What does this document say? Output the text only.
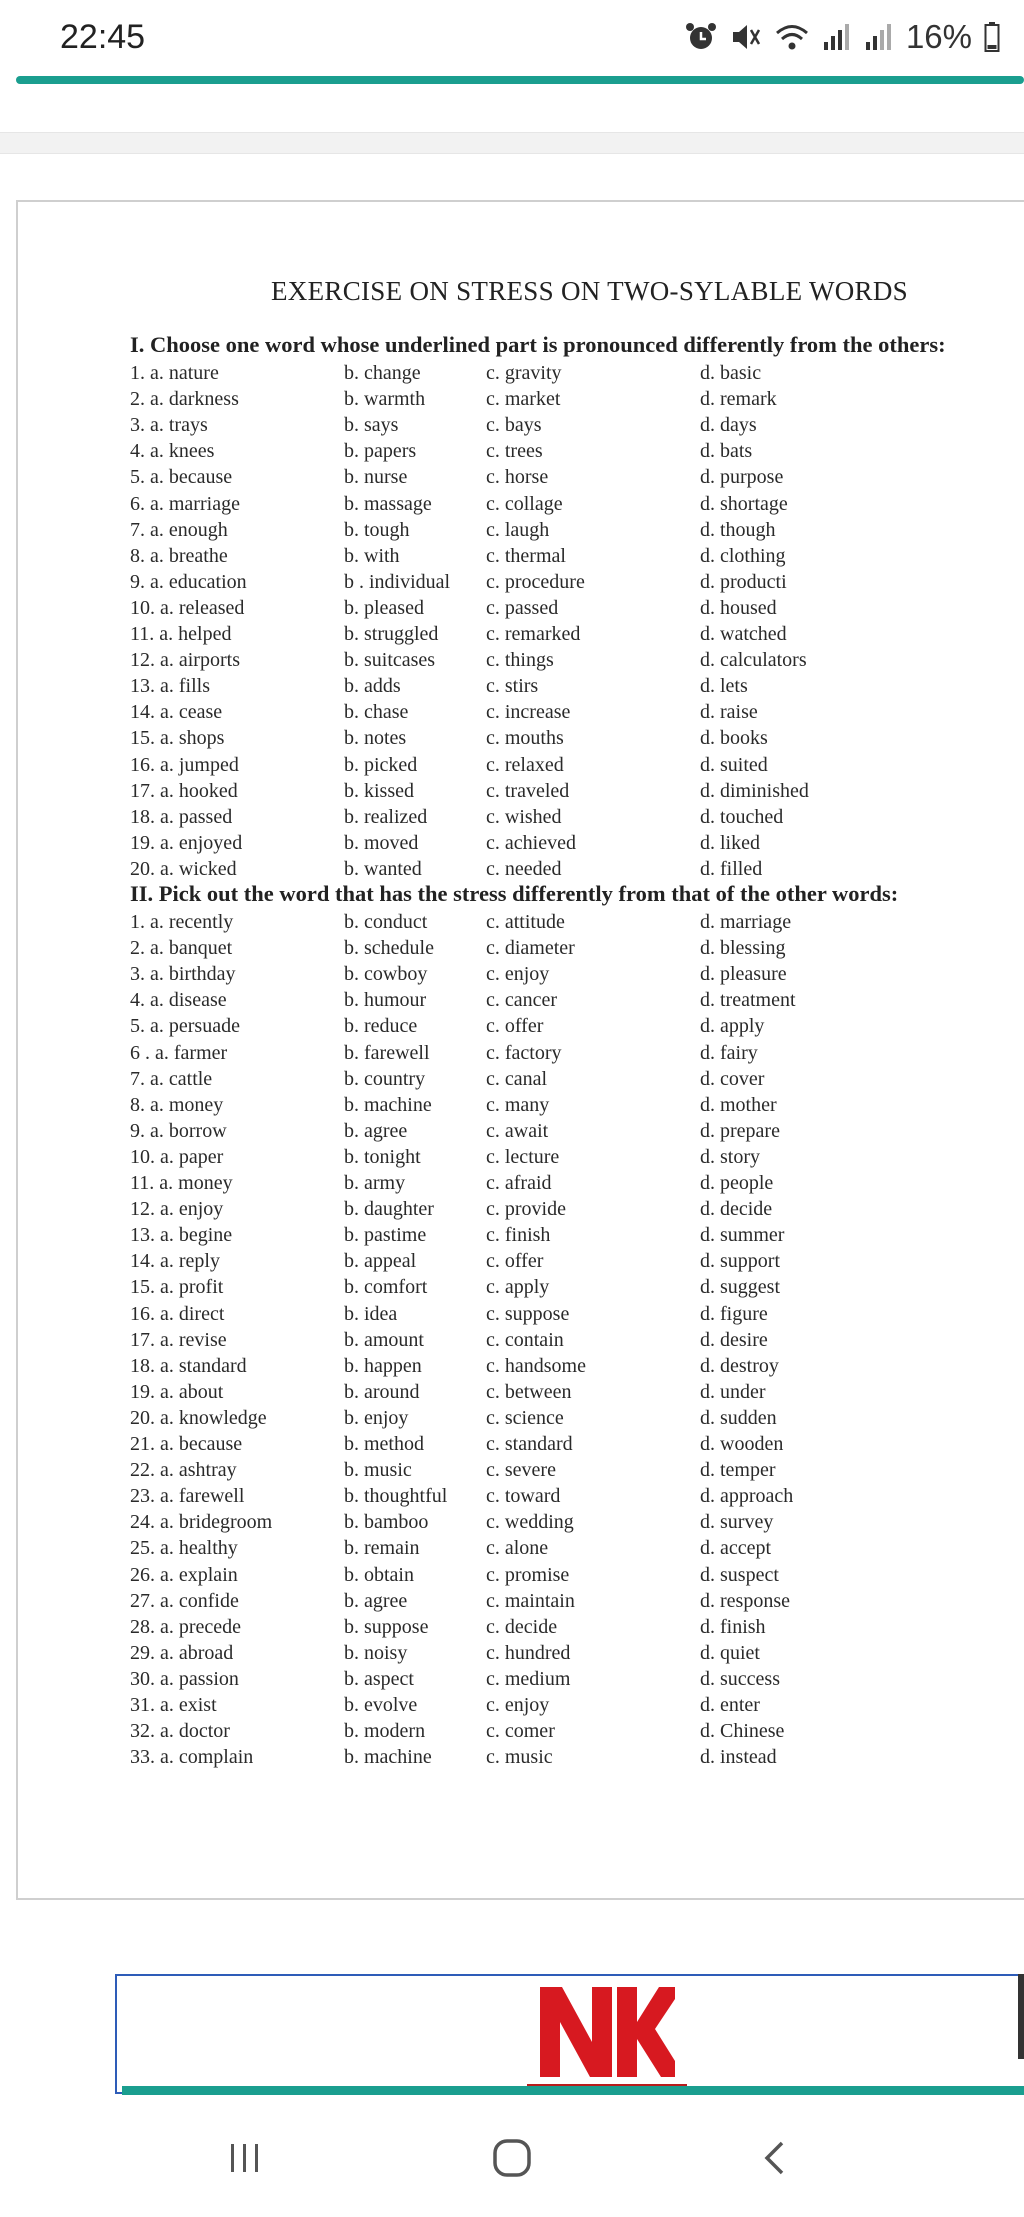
22:45	16%
EXERCISE ON STRESS ON TWO-SYLABLE WORDS
I. Choose one word whose underlined part is pronounced differently from the others:
1. a. nature	b. change	c. gravity	d. basic
2. a. darkness	b. warmth	c. market	d. remark
3. a. trays	b. says	c. bays	d. days
4. a. knees	b. papers	c. trees	d. bats
5. a. because	b. nurse	c. horse	d. purpose
6. a. marriage	b. massage	c. collage	d. shortage
7. a. enough	b. tough	c. laugh	d. though
8. a. breathe	b. with	c. thermal	d. clothing
9. a. education	b . individual c. procedure	d. producti
10. a. released	b. pleased	c. passed	d. housed
11. a. helped	b. struggled c. remarked	d. watched
12. a. airports	b. suitcases	c. things	d. calculators
13. a. fills	b. adds	c. stirs	d. lets
14. a. cease	b. chase	c. increase	d. raise
15. a. shops	b. notes	c. mouths	d. books
16. a. jumped	b. picked	c. relaxed	d. suited
17. a. hooked	b. kissed	c. traveled	d. diminished
18. a. passed	b. realized	c. wished	d. touched
19. a. enjoyed	b. moved	c. achieved	d. liked
20. a. wicked	b. wanted	c. needed	d. filled
II. Pick out the word that has the stress differently from that of the other words:
1. a. recently	b. conduct	c. attitude	d. marriage
2. a. banquet	b. schedule	c. diameter	d. blessing
3. a. birthday	b. cowboy	c. enjoy	d. pleasure
4. a. disease	b. humour	c. cancer	d. treatment
5. a. persuade	b. reduce	c. offer	d. apply
6 . a. farmer	b. farewell	c. factory	d. fairy
7. a. cattle	b. country	c. canal	d. cover
8. a. money	b. machine	c. many	d. mother
9. a. borrow	b. agree	c. await	d. prepare
10. a. paper	b. tonight	c. lecture	d. story
11. a. money	b. army	c. afraid	d. people
12. a. enjoy	b. daughter	c. provide	d. decide
13. a. begine	b. pastime	c. finish	d. summer
14. a. reply	b. appeal	c. offer	d. support
15. a. profit	b. comfort	c. apply	d. suggest
16. a. direct	b. idea	c. suppose	d. figure
17. a. revise	b. amount	c. contain	d. desire
18. a. standard	b. happen	c. handsome	d. destroy
19. a. about	b. around	c. between	d. under
20. a. knowledge	b. enjoy	c. science	d. sudden
21. a. because	b. method	c. standard	d. wooden
22. a. ashtray	b. music	c. severe	d. temper
23. a. farewell	b. thoughtful c. toward	d. approach
24. a. bridegroom	b. bamboo	c. wedding	d. survey
25. a. healthy	b. remain	c. alone	d. accept
26. a. explain	b. obtain	c. promise	d. suspect
27. a. confide	b. agree	c. maintain	d. response
28. a. precede	b. suppose	c. decide	d. finish
29. a. abroad	b. noisy	c. hundred	d. quiet
30. a. passion	b. aspect	c. medium	d. success
31. a. exist	b. evolve	c. enjoy	d. enter
32. a. doctor	b. modern	c. comer	d. Chinese
33. a. complain	b. machine	c. music	d. instead
